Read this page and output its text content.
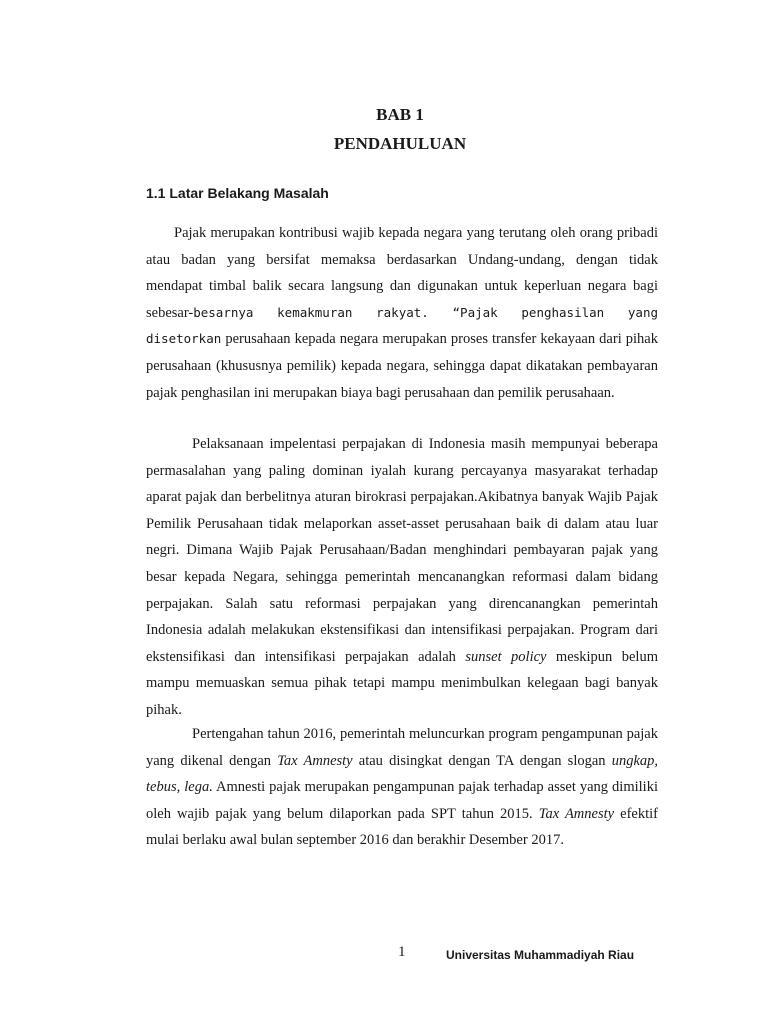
BAB 1
PENDAHULUAN
1.1 Latar Belakang Masalah

Pajak merupakan kontribusi wajib kepada negara yang terutang oleh orang pribadi atau badan yang bersifat memaksa berdasarkan Undang-undang, dengan tidak mendapat timbal balik secara langsung dan digunakan untuk keperluan negara bagi sebesar-besarnya kemakmuran rakyat. “Pajak penghasilan yang disetorkan perusahaan kepada negara merupakan proses transfer kekayaan dari pihak perusahaan (khususnya pemilik) kepada negara, sehingga dapat dikatakan pembayaran pajak penghasilan ini merupakan biaya bagi perusahaan dan pemilik perusahaan.

Pelaksanaan impelentasi perpajakan di Indonesia masih mempunyai beberapa permasalahan yang paling dominan iyalah kurang percayanya masyarakat terhadap aparat pajak dan berbelitnya aturan birokrasi perpajakan.Akibatnya banyak Wajib Pajak Pemilik Perusahaan tidak melaporkan asset-asset perusahaan baik di dalam atau luar negri. Dimana Wajib Pajak Perusahaan/Badan menghindari pembayaran pajak yang besar kepada Negara, sehingga pemerintah mencanangkan reformasi dalam bidang perpajakan. Salah satu reformasi perpajakan yang direncanangkan pemerintah Indonesia adalah melakukan ekstensifikasi dan intensifikasi perpajakan. Program dari ekstensifikasi dan intensifikasi perpajakan adalah sunset policy meskipun belum mampu memuaskan semua pihak tetapi mampu menimbulkan kelegaan bagi banyak pihak.

Pertengahan tahun 2016, pemerintah meluncurkan program pengampunan pajak yang dikenal dengan Tax Amnesty atau disingkat dengan TA dengan slogan ungkap, tebus, lega. Amnesti pajak merupakan pengampunan pajak terhadap asset yang dimiliki oleh wajib pajak yang belum dilaporkan pada SPT tahun 2015. Tax Amnesty efektif mulai berlaku awal bulan september 2016 dan berakhir Desember 2017.

1	Universitas Muhammadiyah Riau
